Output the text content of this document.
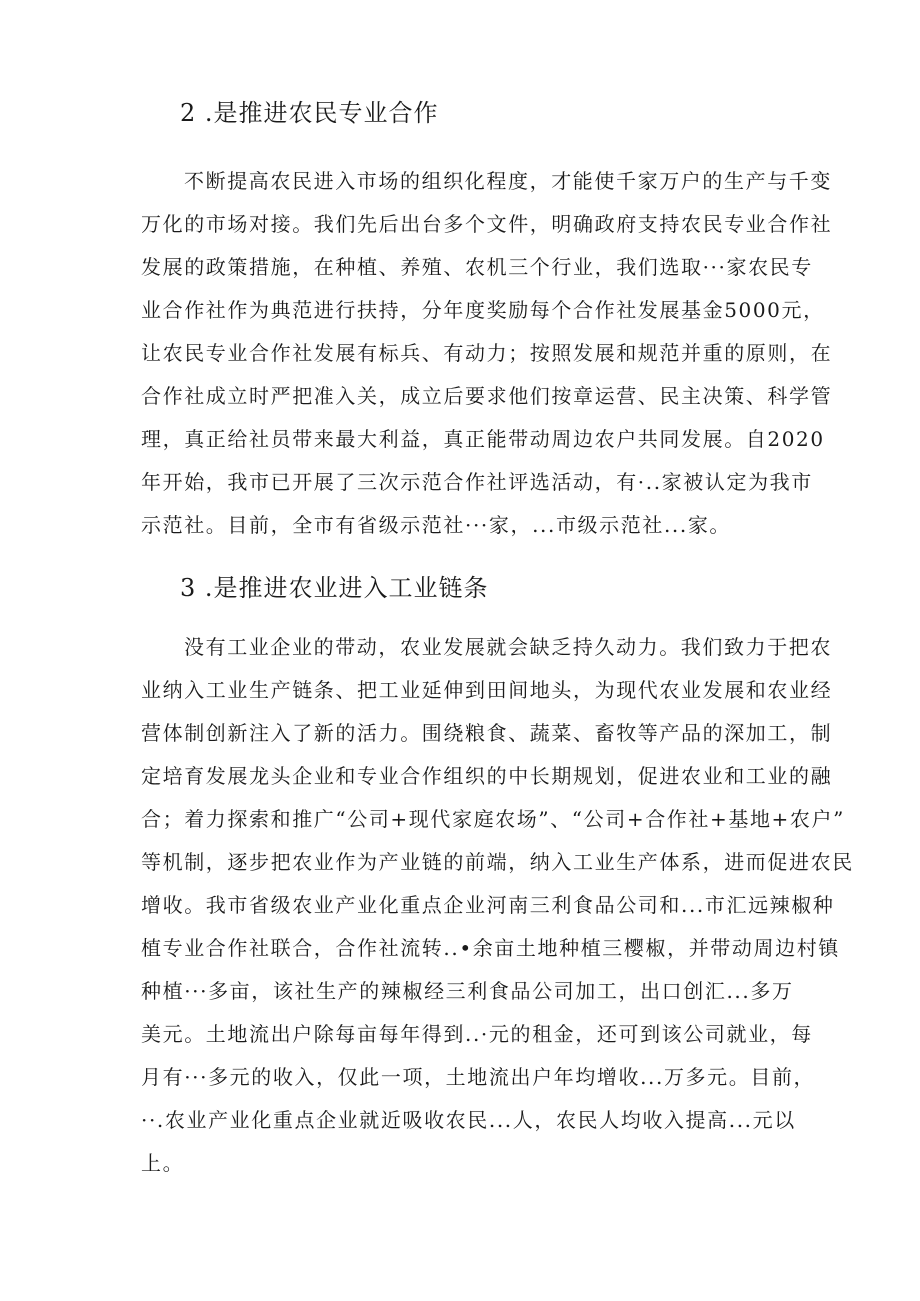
2 .是推进农民专业合作
不断提高农民进入市场的组织化程度，才能使千家万户的生产与千变
万化的市场对接。我们先后出台多个文件，明确政府支持农民专业合作社
发展的政策措施，在种植、养殖、农机三个行业，我们选取···家农民专
业合作社作为典范进行扶持，分年度奖励每个合作社发展基金5000元，
让农民专业合作社发展有标兵、有动力；按照发展和规范并重的原则，在
合作社成立时严把准入关，成立后要求他们按章运营、民主决策、科学管
理，真正给社员带来最大利益，真正能带动周边农户共同发展。自2020
年开始，我市已开展了三次示范合作社评选活动，有·..家被认定为我市
示范社。目前，全市有省级示范社···家，...市级示范社...家。
3 .是推进农业进入工业链条
没有工业企业的带动，农业发展就会缺乏持久动力。我们致力于把农
业纳入工业生产链条、把工业延伸到田间地头，为现代农业发展和农业经
营体制创新注入了新的活力。围绕粮食、蔬菜、畜牧等产品的深加工，制
定培育发展龙头企业和专业合作组织的中长期规划，促进农业和工业的融
合；着力探索和推广“公司+现代家庭农场”、“公司+合作社+基地+农户”
等机制，逐步把农业作为产业链的前端，纳入工业生产体系，进而促进农民
增收。我市省级农业产业化重点企业河南三利食品公司和...市汇远辣椒种
植专业合作社联合，合作社流转..•余亩土地种植三樱椒，并带动周边村镇
种植···多亩，该社生产的辣椒经三利食品公司加工，出口创汇...多万
美元。土地流出户除每亩每年得到..·元的租金，还可到该公司就业，每
月有···多元的收入，仅此一项，土地流出户年均增收...万多元。目前，
··.农业产业化重点企业就近吸收农民...人，农民人均收入提高...元以
上。
